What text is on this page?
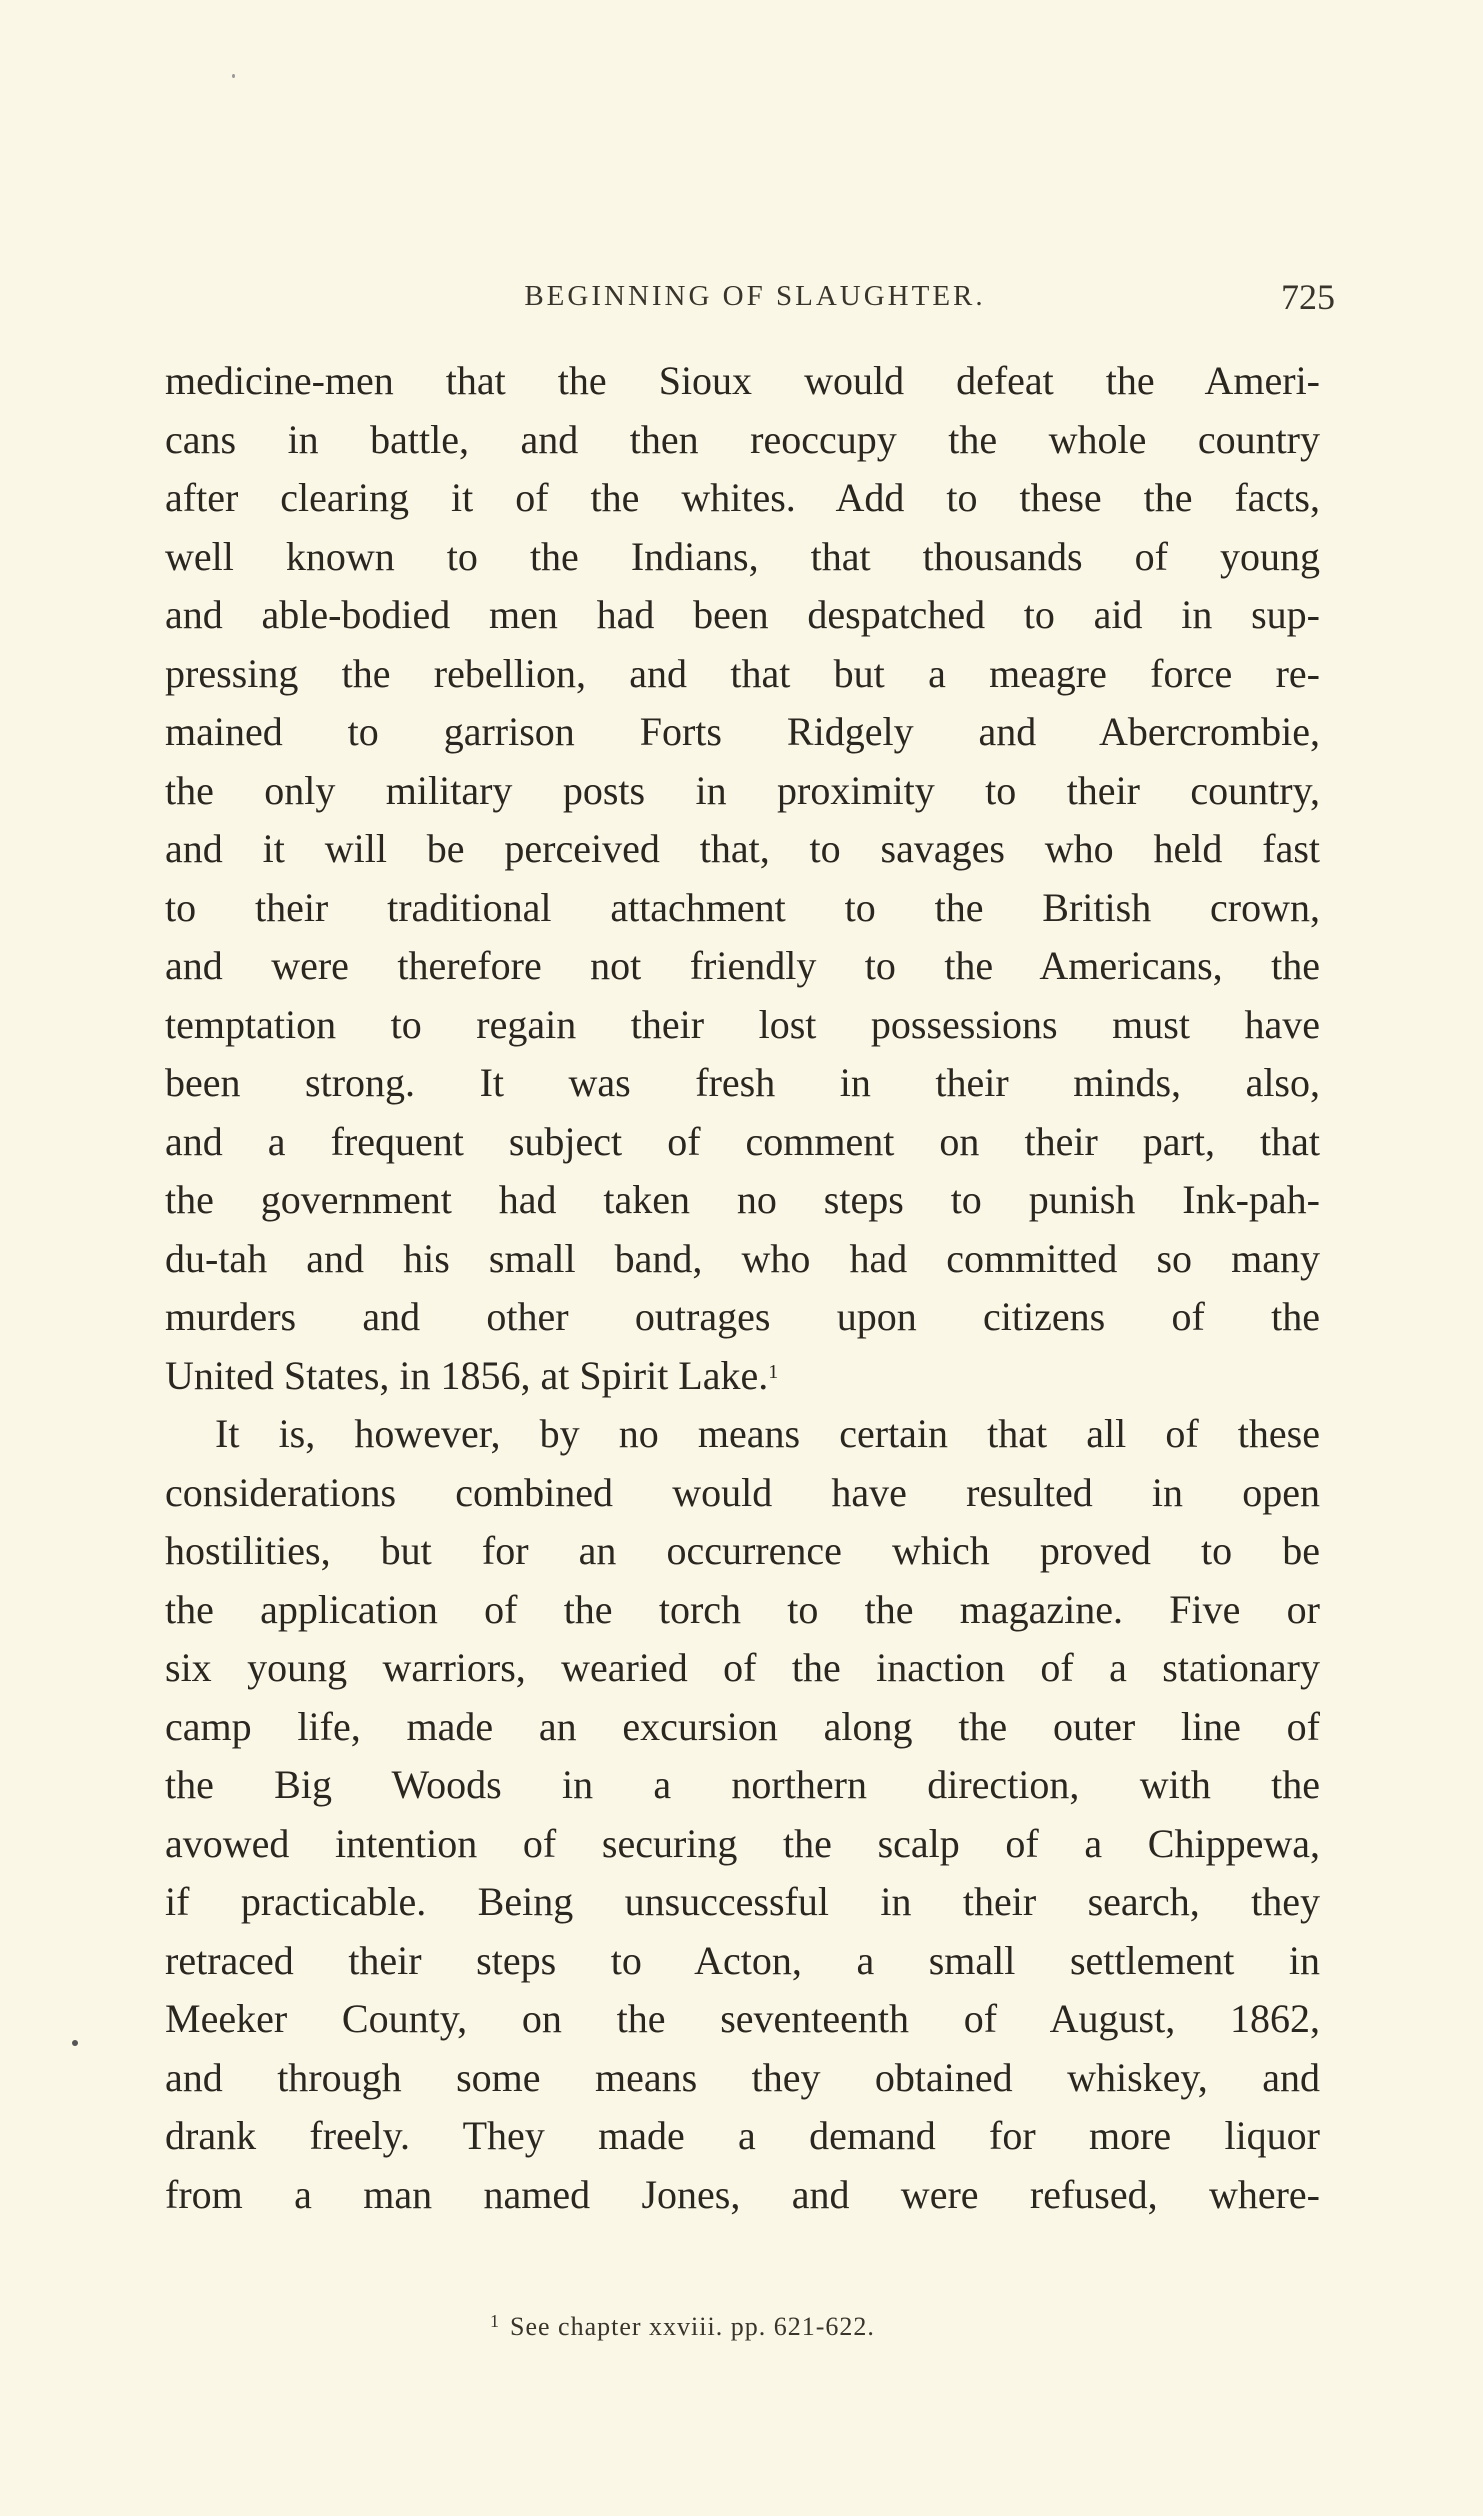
BEGINNING OF SLAUGHTER.	725
medicine-men that the Sioux would defeat the Ameri-
cans in battle, and then reoccupy the whole country
after clearing it of the whites. Add to these the facts,
well known to the Indians, that thousands of young
and able-bodied men had been despatched to aid in sup-
pressing the rebellion, and that but a meagre force re-
mained to garrison Forts Ridgely and Abercrombie,
the only military posts in proximity to their country,
and it will be perceived that, to savages who held fast
to their traditional attachment to the British crown,
and were therefore not friendly to the Americans, the
temptation to regain their lost possessions must have
been strong. It was fresh in their minds, also,
and a frequent subject of comment on their part, that
the government had taken no steps to punish Ink-pah-
du-tah and his small band, who had committed so many
murders and other outrages upon citizens of the
United States, in 1856, at Spirit Lake.$^1$
It is, however, by no means certain that all of these
considerations combined would have resulted in open
hostilities, but for an occurrence which proved to be
the application of the torch to the magazine. Five or
six young warriors, wearied of the inaction of a stationary
camp life, made an excursion along the outer line of
the Big Woods in a northern direction, with the
avowed intention of securing the scalp of a Chippewa,
if practicable. Being unsuccessful in their search, they
retraced their steps to Acton, a small settlement in
Meeker County, on the seventeenth of August, 1862,
and through some means they obtained whiskey, and
drank freely. They made a demand for more liquor
from a man named Jones, and were refused, where-
$^1$ See chapter xxviii. pp. 621-622.
